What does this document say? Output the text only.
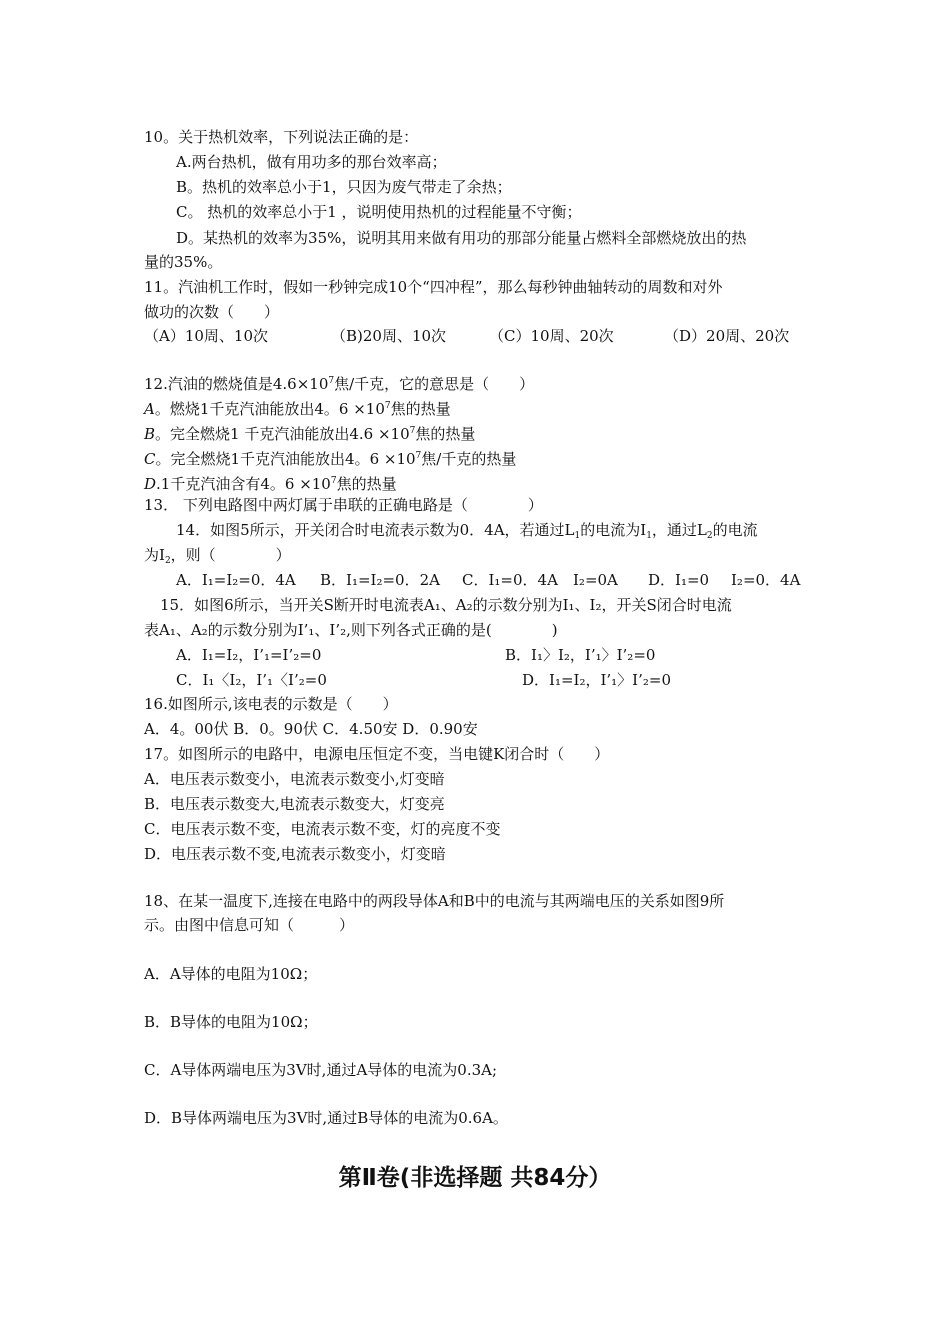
10。关于热机效率，下列说法正确的是：
A.两台热机，做有用功多的那台效率高；
B。热机的效率总小于1，只因为废气带走了余热；
C。 热机的效率总小于1 ，说明使用热机的过程能量不守衡；
D。某热机的效率为35%，说明其用来做有用功的那部分能量占燃料全部燃烧放出的热
量的35%。
11。汽油机工作时，假如一秒钟完成10个“四冲程”，那么每秒钟曲轴转动的周数和对外
做功的次数（　　）
（A）10周、10次	（B)20周、10次	（C）10周、20次	（D）20周、20次
12.汽油的燃烧值是$4.6\times 10^7$焦/千克，它的意思是（　　）
A。燃烧1千克汽油能放出4。$6 \times 10^7$焦的热量
B。完全燃烧1 千克汽油能放出$4.6 \times 10^7$焦的热量
C。完全燃烧1千克汽油能放出4。$6 \times 10^7$焦/千克的热量
D.1千克汽油含有4。$6 \times 10^7$焦的热量
13． 下列电路图中两灯属于串联的正确电路是（　　　　）
14．如图5所示，开关闭合时电流表示数为0．4A，若通过$L_1$的电流为$I_1$，通过$L_2$的电流
为$I_2$，则（　　　　）
A．I₁=I₂=0．4A B．I₁=I₂=0．2A C．I₁=0．4A I₂=0A D．I₁=0 I₂=0．4A
15．如图6所示，当开关S断开时电流表A₁、A₂的示数分别为I₁、I₂，开关S闭合时电流
表A₁、A₂的示数分别为I’₁、I’₂,则下列各式正确的是(　　　　)
A．I₁=I₂，I’₁=I’₂=0	B．I₁〉I₂，I’₁〉I’₂=0
C．I₁〈I₂，I’₁〈I’₂=0	D．I₁=I₂，I’₁〉I’₂=0
16.如图所示,该电表的示数是（　　）
A．4。00伏 B．0。90伏 C．4.50安 D．0.90安
17。如图所示的电路中，电源电压恒定不变，当电键K闭合时（　　）
A．电压表示数变小，电流表示数变小,灯变暗
B．电压表示数变大,电流表示数变大，灯变亮
C．电压表示数不变，电流表示数不变，灯的亮度不变
D．电压表示数不变,电流表示数变小，灯变暗
18、在某一温度下,连接在电路中的两段导体A和B中的电流与其两端电压的关系如图9所
示。由图中信息可知（　　　）
A．A导体的电阻为10Ω；
B．B导体的电阻为10Ω；
C．A导体两端电压为3V时,通过A导体的电流为0.3A;
D．B导体两端电压为3V时,通过B导体的电流为0.6A。
第Ⅱ卷(非选择题 共84分）
